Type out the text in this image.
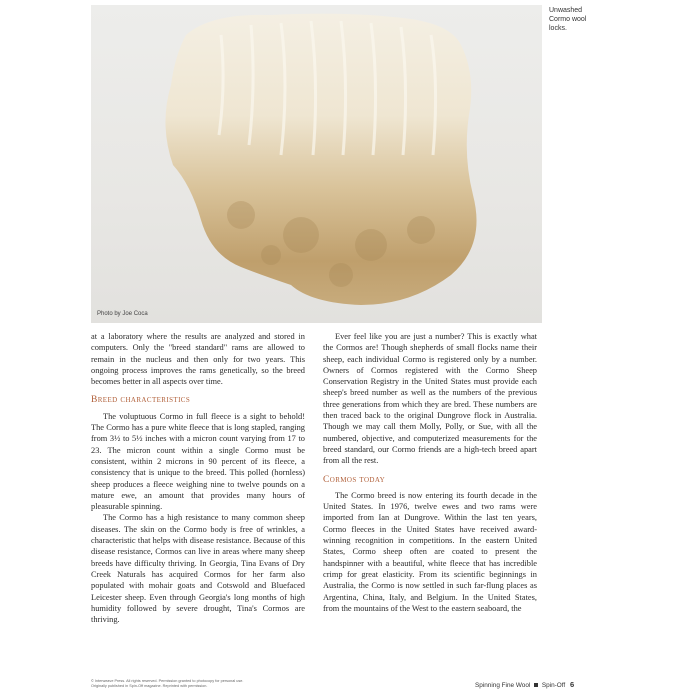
Photo by Joe Coca
Unwashed
Cormo wool
locks.

at a laboratory where the results are analyzed and stored in computers. Only the "breed standard" rams are allowed to remain in the nucleus and then only for two years. This ongoing process improves the rams genetically, so the breed becomes better in all aspects over time.

Breed characteristics

The voluptuous Cormo in full fleece is a sight to behold! The Cormo has a pure white fleece that is long stapled, ranging from 3½ to 5½ inches with a micron count varying from 17 to 23. The micron count within a single Cormo must be consistent, within 2 microns in 90 percent of its fleece, a consistency that is unique to the breed. This polled (hornless) sheep produces a fleece weighing nine to twelve pounds on a mature ewe, an amount that provides many hours of pleasurable spinning.

The Cormo has a high resistance to many common sheep diseases. The skin on the Cormo body is free of wrinkles, a characteristic that helps with disease resistance. Because of this disease resistance, Cormos can live in areas where many sheep breeds have difficulty thriving. In Georgia, Tina Evans of Dry Creek Naturals has acquired Cormos for her farm also populated with mohair goats and Cotswold and Bluefaced Leicester sheep. Even through Georgia's long months of high humidity followed by severe drought, Tina's Cormos are thriving.

Ever feel like you are just a number? This is exactly what the Cormos are! Though shepherds of small flocks name their sheep, each individual Cormo is registered only by a number. Owners of Cormos registered with the Cormo Sheep Conservation Registry in the United States must provide each sheep's breed number as well as the numbers of the previous three generations from which they are bred. These numbers are then traced back to the original Dungrove flock in Australia. Though we may call them Molly, Polly, or Sue, with all the numbered, objective, and computerized measurements for the breed standard, our Cormo friends are a high-tech breed apart from all the rest.

Cormos today

The Cormo breed is now entering its fourth decade in the United States. In 1976, twelve ewes and two rams were imported from Ian at Dungrove. Within the last ten years, Cormo fleeces in the United States have received award-winning recognition in competitions. In the eastern United States, Cormo sheep often are coated to present the handspinner with a beautiful, white fleece that has incredible crimp for great elasticity. From its scientific beginnings in Australia, the Cormo is now settled in such far-flung places as Argentina, China, Italy, and Belgium. In the United States, from the mountains of the West to the eastern seaboard, the

© Interweave Press. All rights reserved. Permission granted to photocopy for personal use.
Originally published in Spin-Off magazine. Reprinted with permission.	Spinning Fine Wool Spin-Off 6
